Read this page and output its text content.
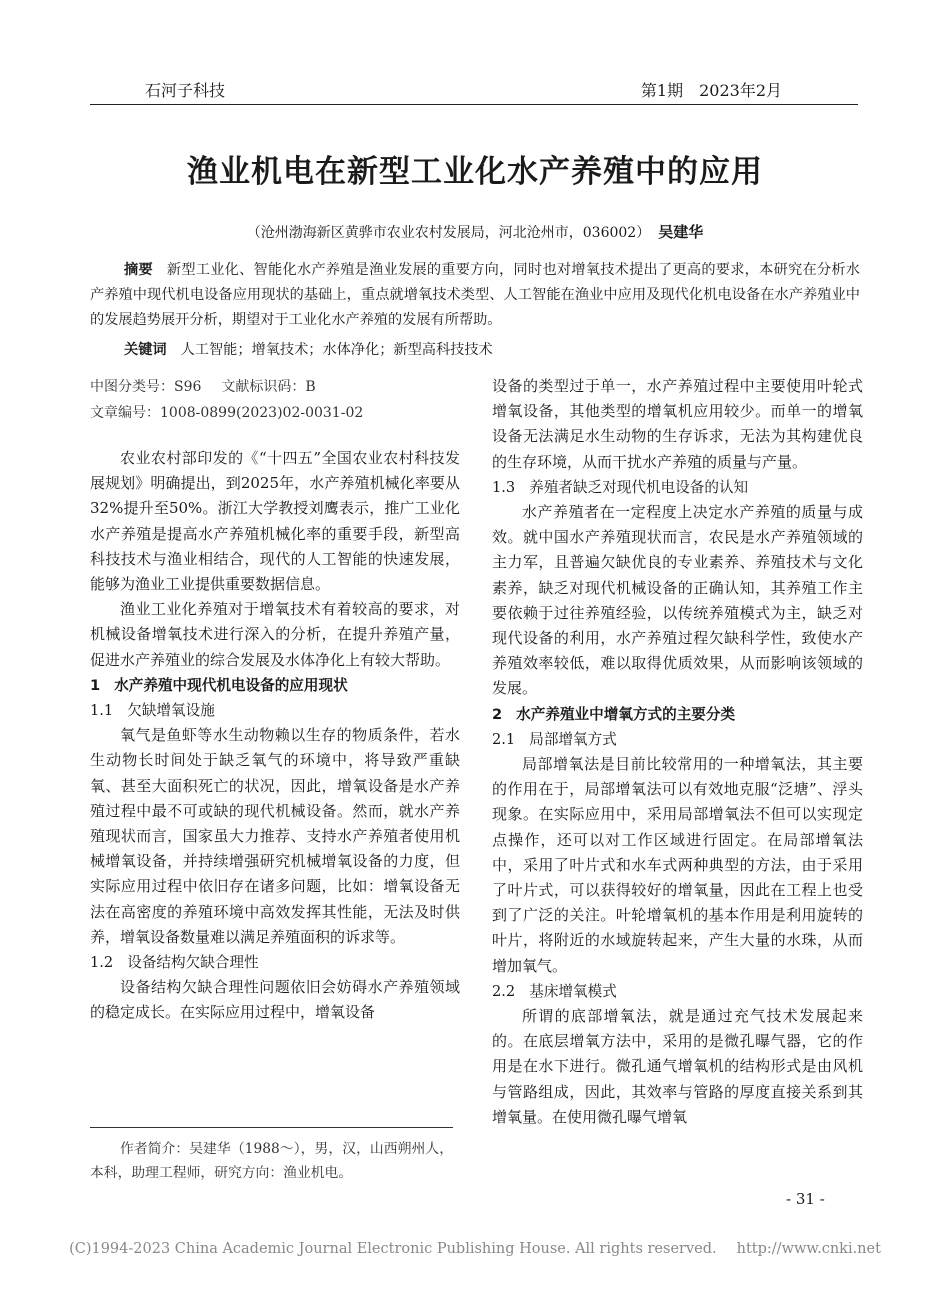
石河子科技	第1期 2023年2月
渔业机电在新型工业化水产养殖中的应用
（沧州渤海新区黄骅市农业农村发展局，河北沧州市，036002） 吴建华

摘要 新型工业化、智能化水产养殖是渔业发展的重要方向，同时也对增氧技术提出了更高的要求，本研究在分析水产养殖中现代机电设备应用现状的基础上，重点就增氧技术类型、人工智能在渔业中应用及现代化机电设备在水产养殖业中的发展趋势展开分析，期望对于工业化水产养殖的发展有所帮助。

关键词 人工智能；增氧技术；水体净化；新型高科技技术
中图分类号：S96 文献标识码：B
文章编号：1008-0899(2023)02-0031-02

农业农村部印发的《“十四五”全国农业农村科技发展规划》明确提出，到2025年，水产养殖机械化率要从32%提升至50%。浙江大学教授刘鹰表示，推广工业化水产养殖是提高水产养殖机械化率的重要手段，新型高科技技术与渔业相结合，现代的人工智能的快速发展，能够为渔业工业提供重要数据信息。

渔业工业化养殖对于增氧技术有着较高的要求，对机械设备增氧技术进行深入的分析，在提升养殖产量，促进水产养殖业的综合发展及水体净化上有较大帮助。

1 水产养殖中现代机电设备的应用现状

1.1 欠缺增氧设施

氧气是鱼虾等水生动物赖以生存的物质条件，若水生动物长时间处于缺乏氧气的环境中，将导致严重缺氧、甚至大面积死亡的状况，因此，增氧设备是水产养殖过程中最不可或缺的现代机械设备。然而，就水产养殖现状而言，国家虽大力推荐、支持水产养殖者使用机械增氧设备，并持续增强研究机械增氧设备的力度，但实际应用过程中依旧存在诸多问题，比如：增氧设备无法在高密度的养殖环境中高效发挥其性能，无法及时供养，增氧设备数量难以满足养殖面积的诉求等。

1.2 设备结构欠缺合理性

设备结构欠缺合理性问题依旧会妨碍水产养殖领域的稳定成长。在实际应用过程中，增氧设备

设备的类型过于单一，水产养殖过程中主要使用叶轮式增氧设备，其他类型的增氧机应用较少。而单一的增氧设备无法满足水生动物的生存诉求，无法为其构建优良的生存环境，从而干扰水产养殖的质量与产量。

1.3 养殖者缺乏对现代机电设备的认知

水产养殖者在一定程度上决定水产养殖的质量与成效。就中国水产养殖现状而言，农民是水产养殖领域的主力军，且普遍欠缺优良的专业素养、养殖技术与文化素养，缺乏对现代机械设备的正确认知，其养殖工作主要依赖于过往养殖经验，以传统养殖模式为主，缺乏对现代设备的利用，水产养殖过程欠缺科学性，致使水产养殖效率较低，难以取得优质效果，从而影响该领域的发展。

2 水产养殖业中增氧方式的主要分类

2.1 局部增氧方式

局部增氧法是目前比较常用的一种增氧法，其主要的作用在于，局部增氧法可以有效地克服“泛塘”、浮头现象。在实际应用中，采用局部增氧法不但可以实现定点操作，还可以对工作区域进行固定。在局部增氧法中，采用了叶片式和水车式两种典型的方法，由于采用了叶片式，可以获得较好的增氧量，因此在工程上也受到了广泛的关注。叶轮增氧机的基本作用是利用旋转的叶片，将附近的水域旋转起来，产生大量的水珠，从而增加氧气。

2.2 基床增氧模式

所谓的底部增氧法，就是通过充气技术发展起来的。在底层增氧方法中，采用的是微孔曝气器，它的作用是在水下进行。微孔通气增氧机的结构形式是由风机与管路组成，因此，其效率与管路的厚度直接关系到其增氧量。在使用微孔曝气增氧

作者简介：吴建华（1988～），男，汉，山西朔州人，本科，助理工程师，研究方向：渔业机电。
- 31 -
(C)1994-2023 China Academic Journal Electronic Publishing House. All rights reserved. http://www.cnki.net
